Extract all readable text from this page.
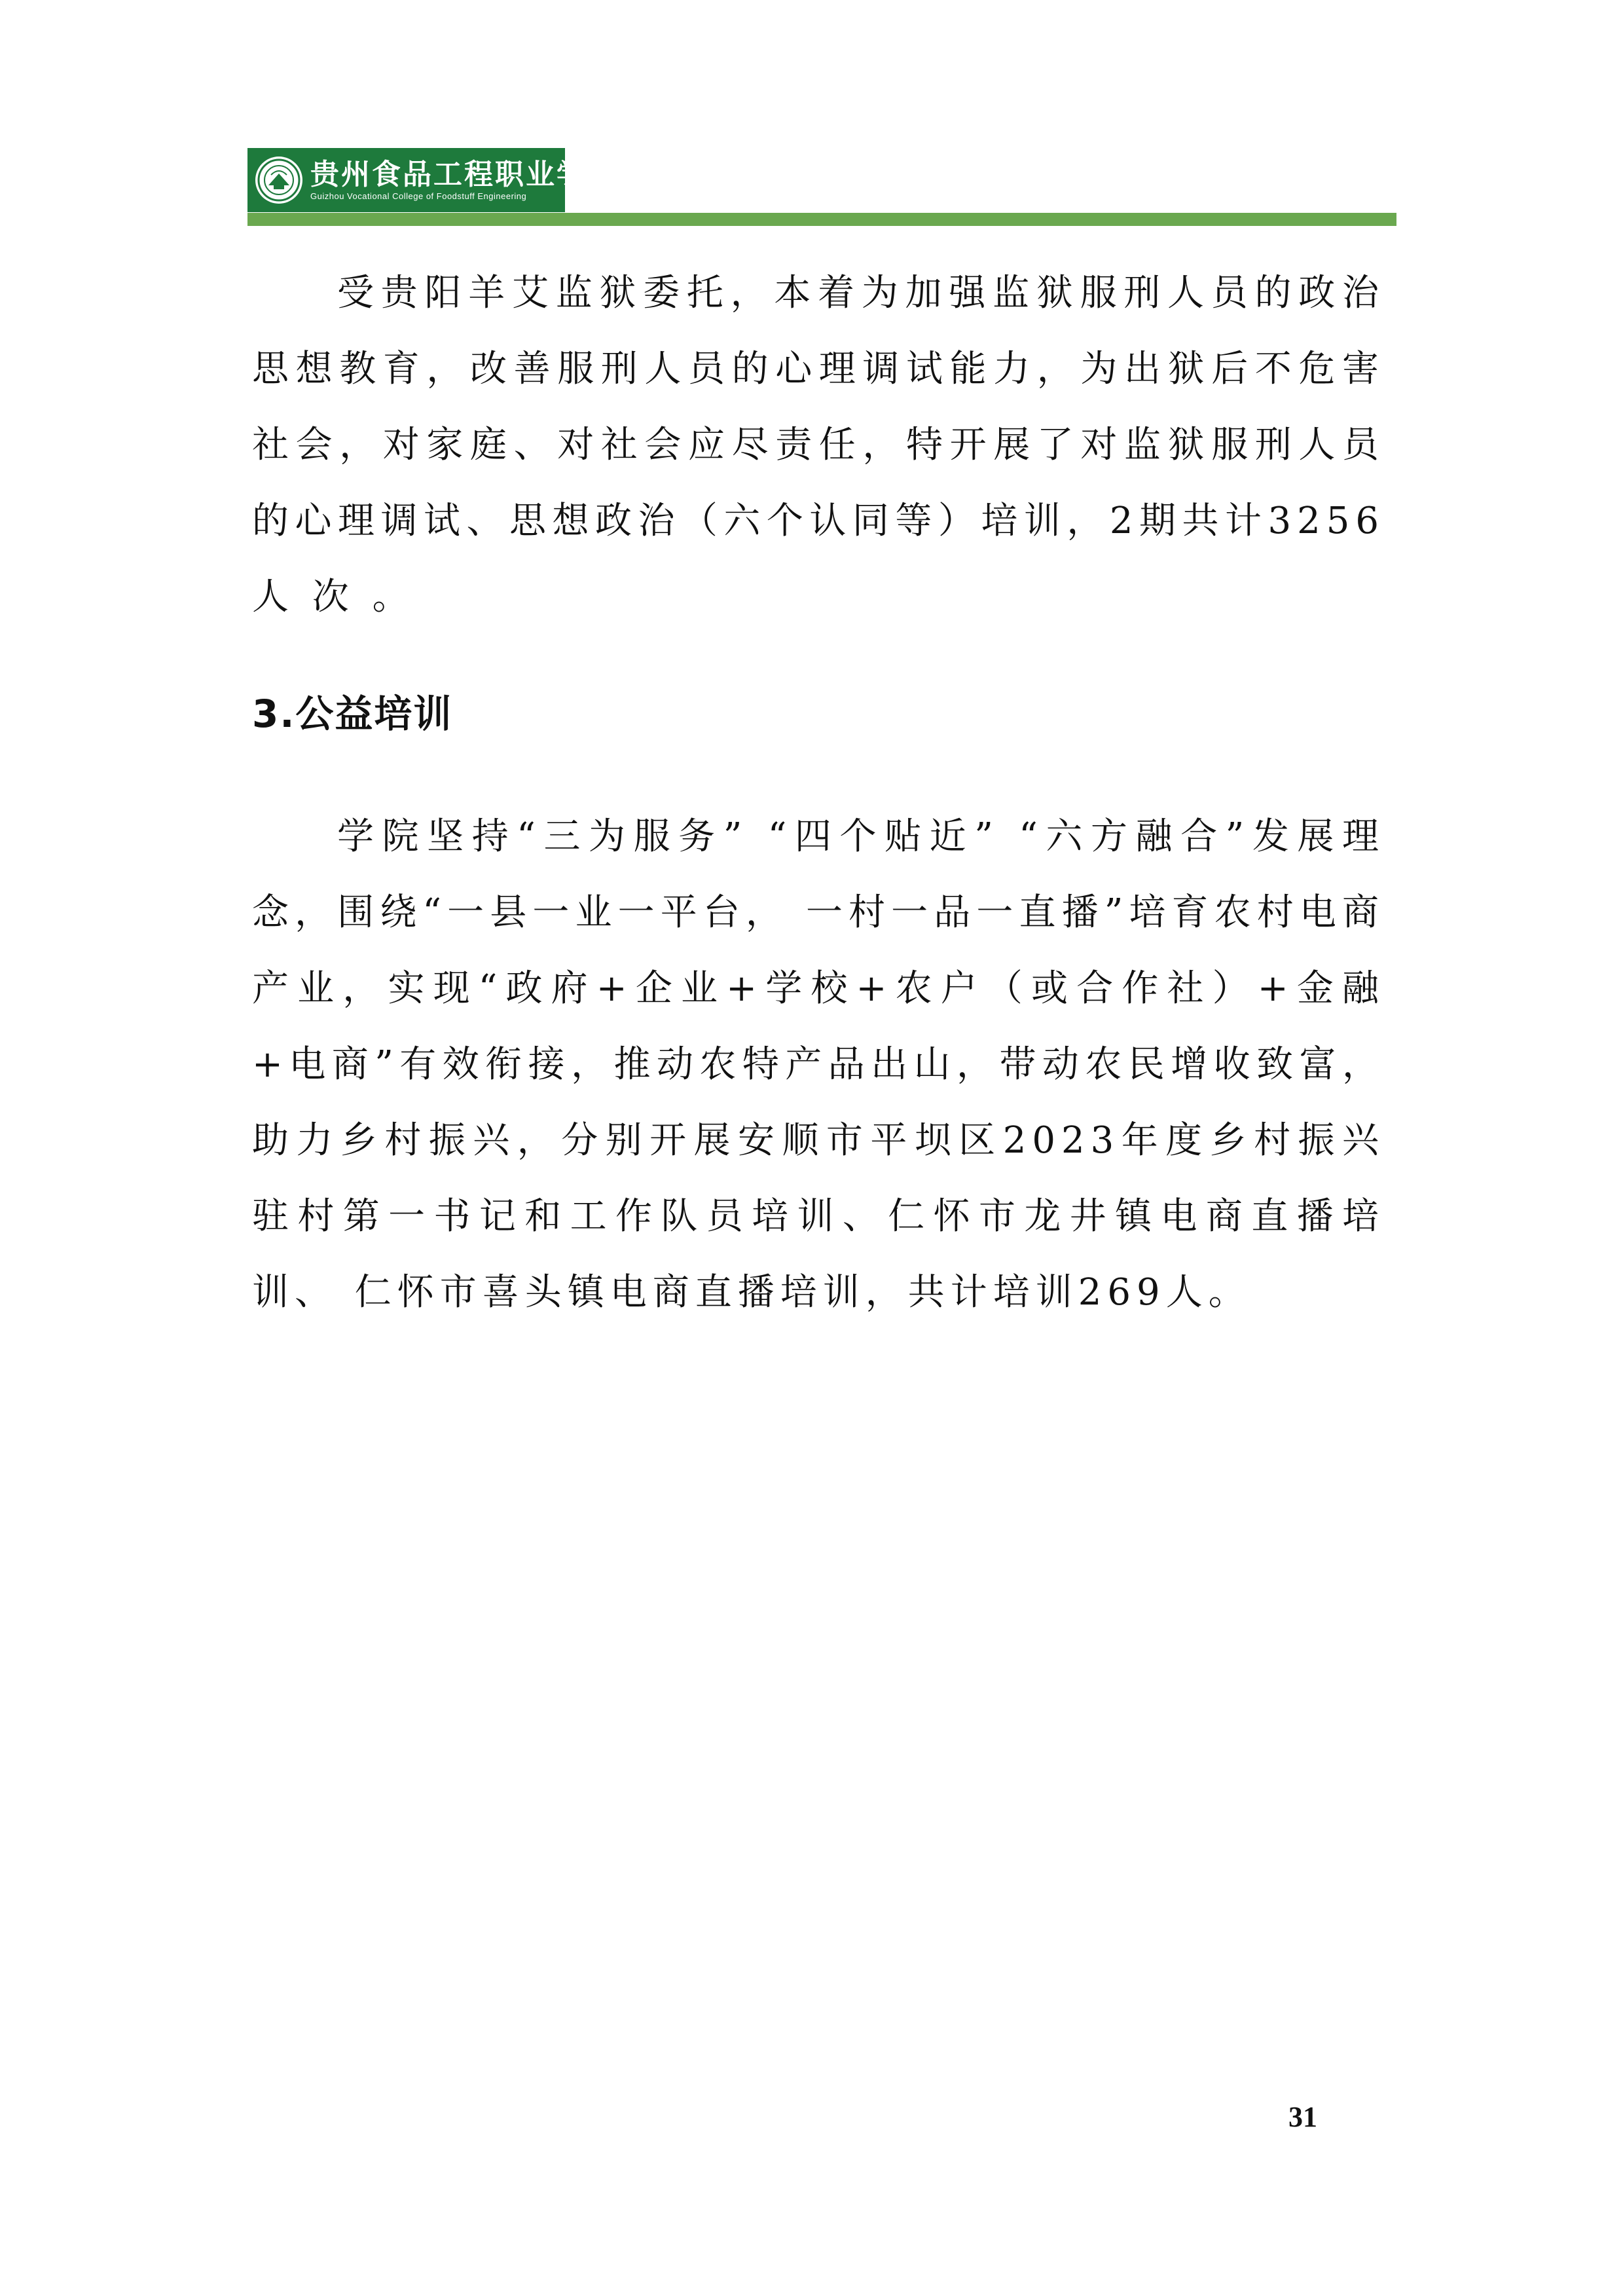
贵州食品工程职业学院
Guizhou Vocational College of Foodstuff Engineering

受贵阳羊艾监狱委托，本着为加强监狱服刑人员的政治 思想教育，改善服刑人员的心理调试能力，为出狱后不危害 社会，对家庭、对社会应尽责任，特开展了对监狱服刑人员 的心理调试、思想政治（六个认同等）培训，2期共计3256 人 次 。

3.公益培训

学院坚持“三为服务” “四个贴近” “六方融合”发展理念，围绕“一县一业一平台， 一村一品一直播”培育农村电商产业，实现“政府+企业+学校+农户（或合作社）+金融+电商”有效衔接，推动农特产品出山，带动农民增收致富， 助力乡村振兴，分别开展安顺市平坝区2023年度乡村振兴 驻村第一书记和工作队员培训、仁怀市龙井镇电商直播培训、 仁怀市喜头镇电商直播培训，共计培训269人。

31
